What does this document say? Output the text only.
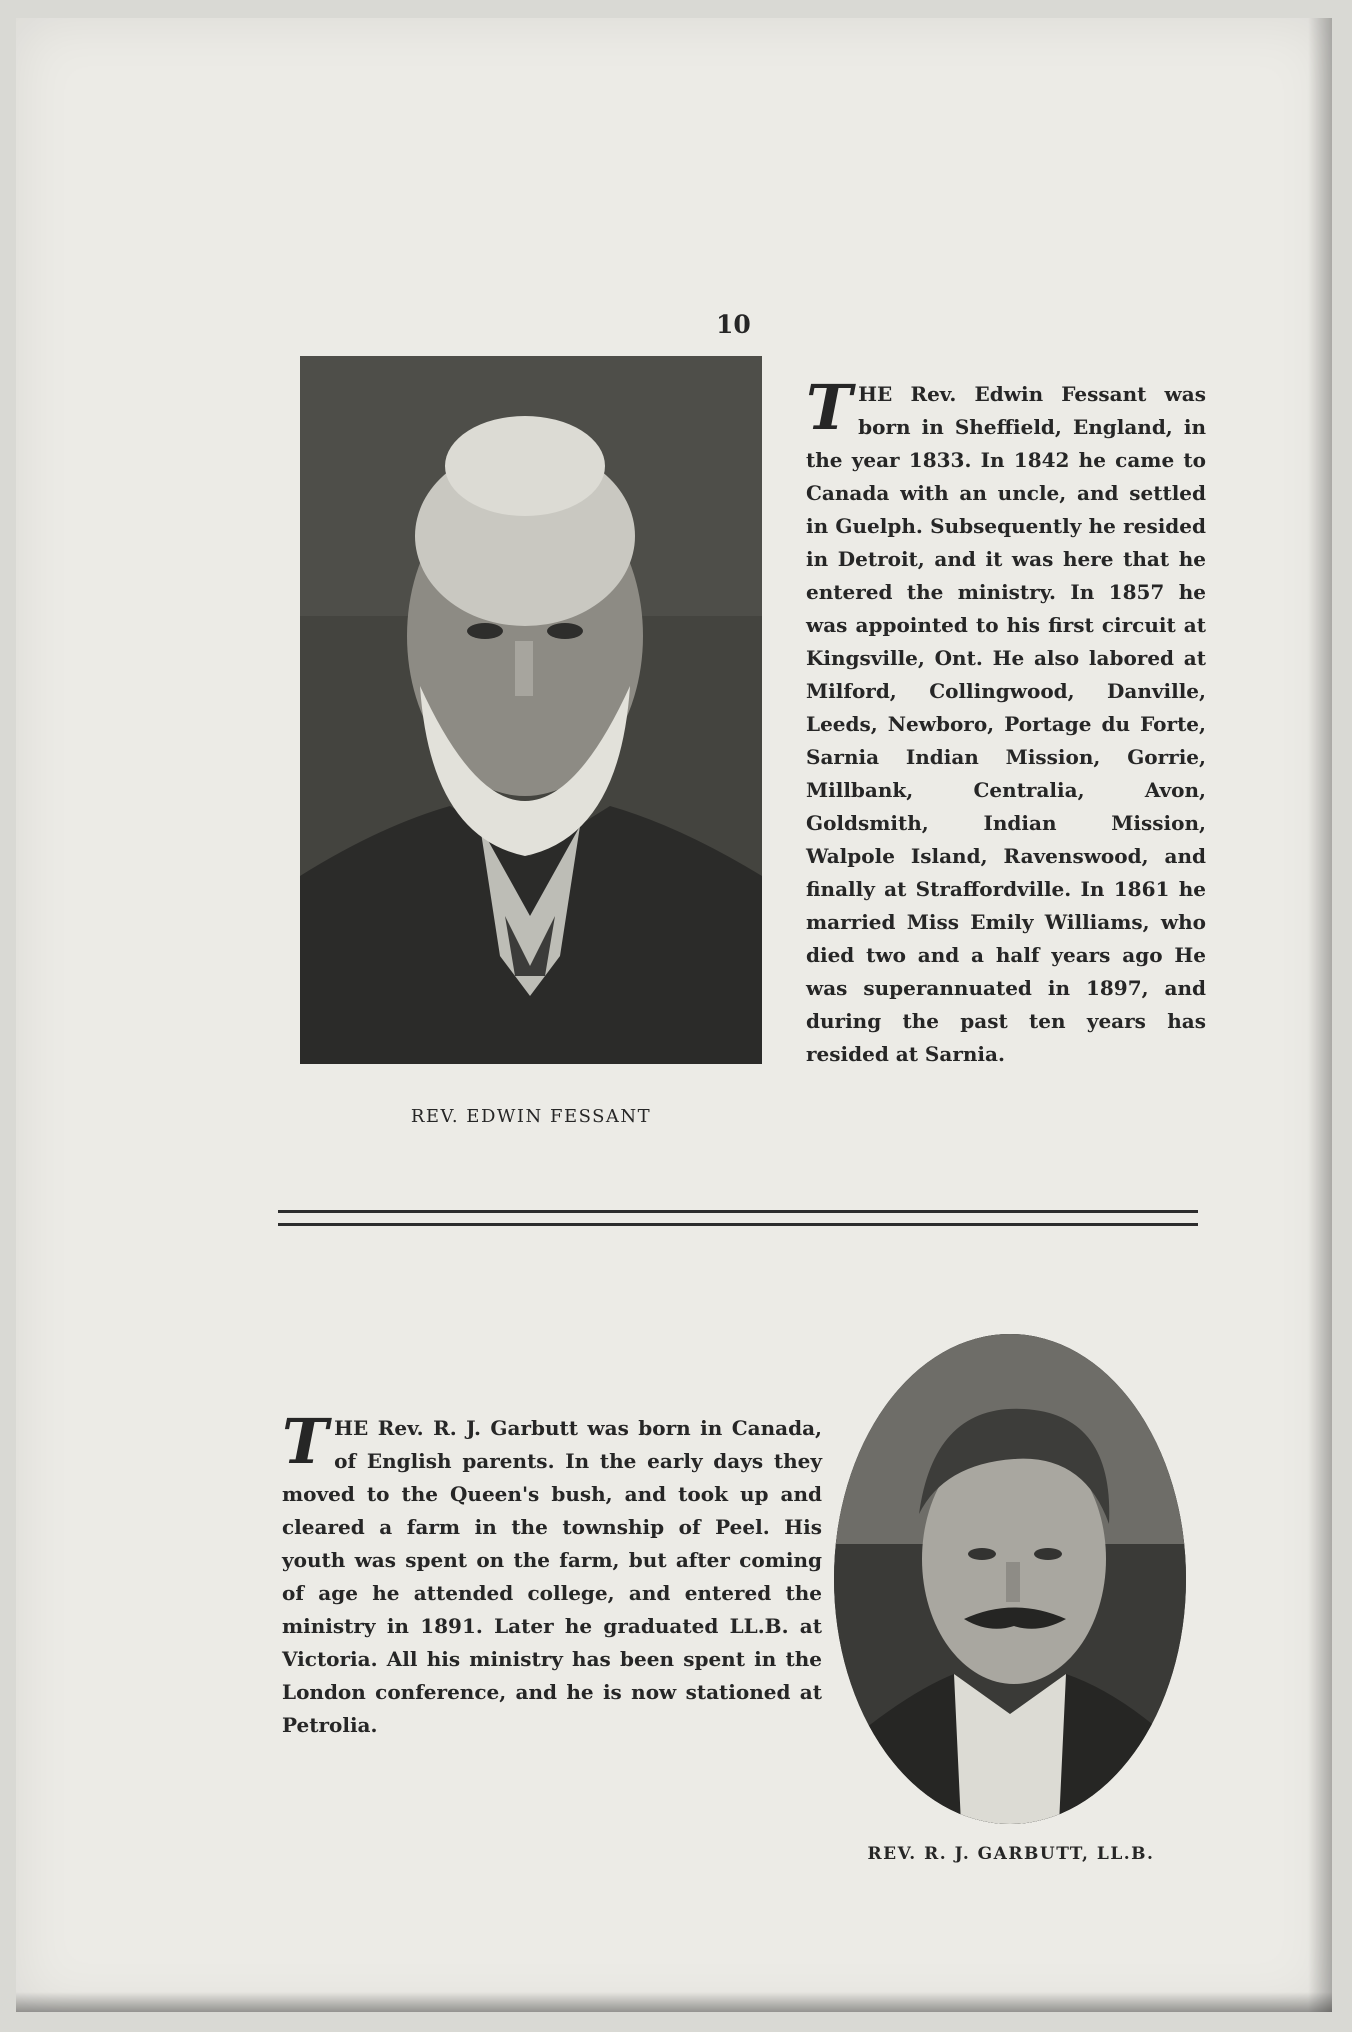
10
REV. EDWIN FESSANT
T HE Rev. Edwin Fessant was born in Sheffield, England, in the year 1833. In 1842 he came to Canada with an uncle, and settled in Guelph. Subsequently he resided in Detroit, and it was here that he entered the ministry. In 1857 he was appointed to his first circuit at Kingsville, Ont. He also labored at Milford, Collingwood, Danville, Leeds, Newboro, Portage du Forte, Sarnia Indian Mission, Gorrie, Millbank, Centralia, Avon, Goldsmith, Indian Mission, Walpole Island, Ravenswood, and finally at Straffordville. In 1861 he married Miss Emily Williams, who died two and a half years ago He was superannuated in 1897, and during the past ten years has resided at Sarnia.
T HE Rev. R. J. Garbutt was born in Canada, of English parents. In the early days they moved to the Queen's bush, and took up and cleared a farm in the township of Peel. His youth was spent on the farm, but after coming of age he attended college, and entered the ministry in 1891. Later he graduated LL.B. at Victoria. All his ministry has been spent in the London conference, and he is now stationed at Petrolia.
REV. R. J. GARBUTT, LL.B.
